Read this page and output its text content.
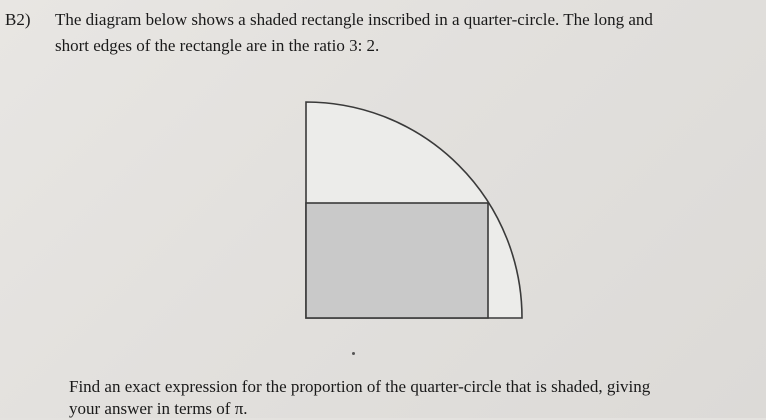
B2) The diagram below shows a shaded rectangle inscribed in a quarter-circle. The long and
short edges of the rectangle are in the ratio 3: 2.
Find an exact expression for the proportion of the quarter-circle that is shaded, giving
your answer in terms of π.
